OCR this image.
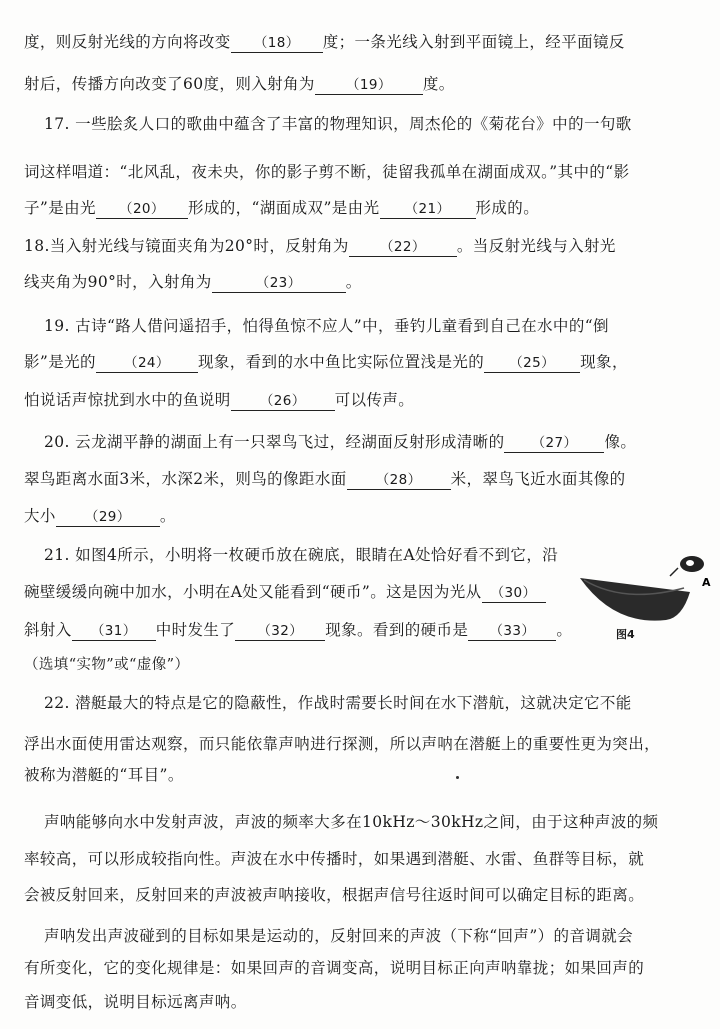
度，则反射光线的方向将改变 （18） 度；一条光线入射到平面镜上，经平面镜反
射后，传播方向改变了60度，则入射角为 （19） 度。
17. 一些脍炙人口的歌曲中蕴含了丰富的物理知识，周杰伦的《菊花台》中的一句歌
词这样唱道：“北风乱，夜未央，你的影子剪不断，徒留我孤单在湖面成双。”其中的“影
子”是由光 （20） 形成的，“湖面成双”是由光 （21） 形成的。
18.当入射光线与镜面夹角为20°时，反射角为 （22） 。当反射光线与入射光
线夹角为90°时，入射角为	（23）	。
19. 古诗“路人借问遥招手，怕得鱼惊不应人”中，垂钓儿童看到自己在水中的“倒
影”是光的 （24） 现象，看到的水中鱼比实际位置浅是光的 （25） 现象，
怕说话声惊扰到水中的鱼说明 （26） 可以传声。
20. 云龙湖平静的湖面上有一只翠鸟飞过，经湖面反射形成清晰的 （27） 像。
翠鸟距离水面3米，水深2米，则鸟的像距水面 （28） 米，翠鸟飞近水面其像的
大小 （29） 。
21. 如图4所示，小明将一枚硬币放在碗底，眼睛在A处恰好看不到它，沿
碗壁缓缓向碗中加水，小明在A处又能看到“硬币”。这是因为光从 （30）
斜射入 （31） 中时发生了 （32） 现象。看到的硬币是 （33） 。
（选填“实物”或“虚像”）
22. 潜艇最大的特点是它的隐蔽性，作战时需要长时间在水下潜航，这就决定它不能
浮出水面使用雷达观察，而只能依靠声呐进行探测，所以声呐在潜艇上的重要性更为突出，
被称为潜艇的“耳目”。
声呐能够向水中发射声波，声波的频率大多在10kHz～30kHz之间，由于这种声波的频
率较高，可以形成较指向性。声波在水中传播时，如果遇到潜艇、水雷、鱼群等目标，就
会被反射回来，反射回来的声波被声呐接收，根据声信号往返时间可以确定目标的距离。
声呐发出声波碰到的目标如果是运动的，反射回来的声波（下称“回声”）的音调就会
有所变化，它的变化规律是：如果回声的音调变高，说明目标正向声呐靠拢；如果回声的
音调变低，说明目标远离声呐。
A
图4
